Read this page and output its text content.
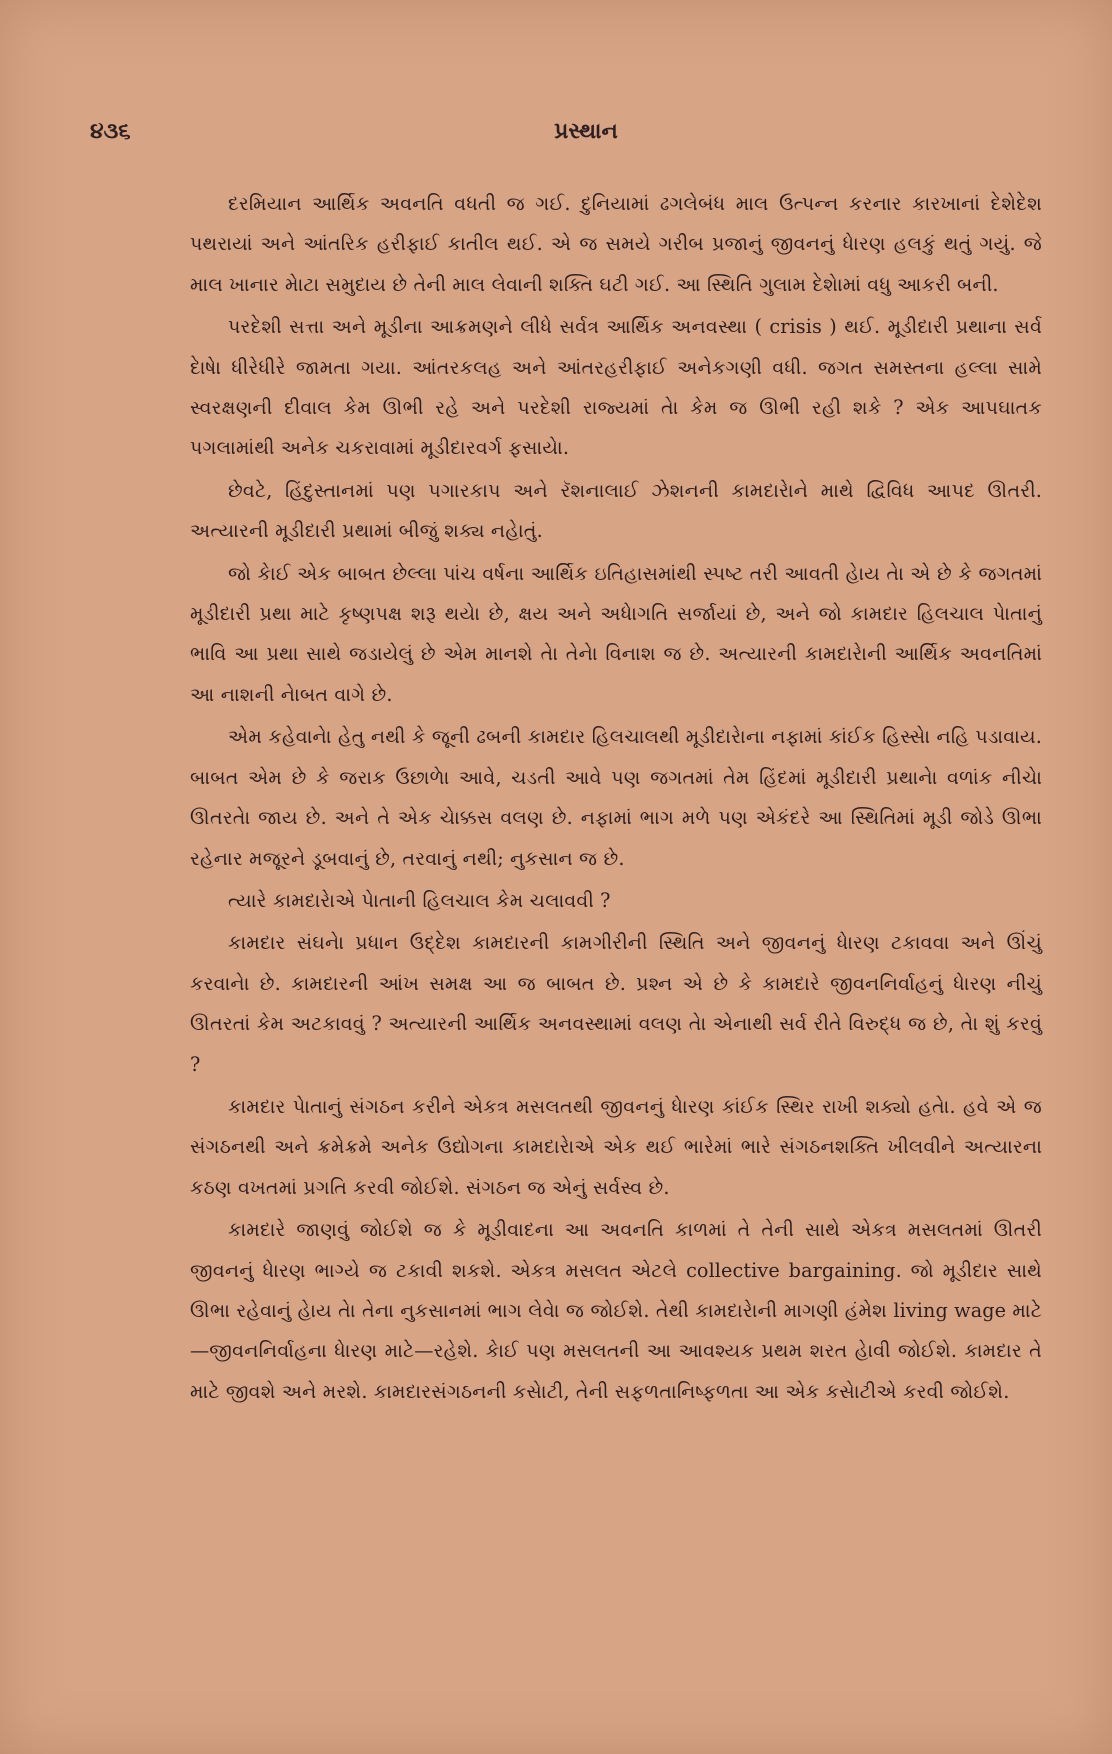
૪૩૬	પ્રસ્થાન

દરમિયાન આર્થિક અવનતિ વધતી જ ગઈ. દુનિયામાં ઢગલેબંધ માલ ઉત્પન્ન કરનાર કારખાનાં દેશેદેશ પથરાયાં અને આંતરિક હરીફાઈ કાતીલ થઈ. એ જ સમયે ગરીબ પ્રજાનું જીવનનું ધેારણ હલકું થતું ગયું. જે માલ ખાનાર મેાટા સમુદાય છે તેની માલ લેવાની શક્તિ ઘટી ગઈ. આ સ્થિતિ ગુલામ દેશેામાં વધુ આકરી બની.

પરદેશી સત્તા અને મૂડીના આક્રમણને લીધે સર્વત્ર આર્થિક અનવસ્થા ( crisis ) થઈ. મૂડીદારી પ્રથાના સર્વ દેાષેા ધીરેધીરે જામતા ગયા. આંતરકલહ અને આંતરહરીફાઈ અનેકગણી વધી. જગત સમસ્તના હલ્લા સામે સ્વરક્ષણની દીવાલ કેમ ઊભી રહે અને પરદેશી રાજ્યમાં તેા કેમ જ ઊભી રહી શકે ? એક આપઘાતક પગલામાંથી અનેક ચકરાવામાં મૂડીદારવર્ગ ફસાયેા.

છેવટે, હિંદુસ્તાનમાં પણ પગારકાપ અને રૅશનાલાઈ ઝેશનની કામદારેાને માથે દ્વિવિધ આપદ ઊતરી. અત્યારની મૂડીદારી પ્રથામાં બીજું શક્ય નહેાતું.

જો કેાઈ એક બાબત છેલ્લા પાંચ વર્ષના આર્થિક ઇતિહાસમાંથી સ્પષ્ટ તરી આવતી હેાય તેા એ છે કે જગતમાં મૂડીદારી પ્રથા માટે કૃષ્ણપક્ષ શરૂ થયેા છે, ક્ષય અને અધેાગતિ સર્જાયાં છે, અને જો કામદાર હિલચાલ પેાતાનું ભાવિ આ પ્રથા સાથે જડાયેલું છે એમ માનશે તેા તેનેા વિનાશ જ છે. અત્યારની કામદારેાની આર્થિક અવનતિમાં આ નાશની નેાબત વાગે છે.

એમ કહેવાનેા હેતુ નથી કે જૂની ઢબની કામદાર હિલચાલથી મૂડીદારેાના નફામાં કાંઈક હિસ્સેા નહિ પડાવાય. બાબત એમ છે કે જરાક ઉછાળેા આવે, ચડતી આવે પણ જગતમાં તેમ હિંદમાં મૂડીદારી પ્રથાનેા વળાંક નીચેા ઊતરતેા જાય છે. અને તે એક ચેાક્કસ વલણ છે. નફામાં ભાગ મળે પણ એકંદરે આ સ્થિતિમાં મૂડી જોડે ઊભા રહેનાર મજૂરને ડૂબવાનું છે, તરવાનું નથી; નુકસાન જ છે.

ત્યારે કામદારેાએ પેાતાની હિલચાલ કેમ ચલાવવી ?

કામદાર સંઘનેા પ્રધાન ઉદ્દેશ કામદારની કામગીરીની સ્થિતિ અને જીવનનું ધેારણ ટકાવવા અને ઊંચું કરવાનેા છે. કામદારની આંખ સમક્ષ આ જ બાબત છે. પ્રશ્ન એ છે કે કામદારે જીવનનિર્વાહનું ધેારણ નીચું ઊતરતાં કેમ અટકાવવું ? અત્યારની આર્થિક અનવસ્થામાં વલણ તેા એનાથી સર્વ રીતે વિરુદ્ધ જ છે, તેા શું કરવું ?

કામદાર પેાતાનું સંગઠન કરીને એકત્ર મસલતથી જીવનનું ધેારણ કાંઈક સ્થિર રાખી શક્યો હતેા. હવે એ જ સંગઠનથી અને ક્રમેક્રમે અનેક ઉદ્યોગના કામદારેાએ એક થઈ ભારેમાં ભારે સંગઠનશક્તિ ખીલવીને અત્યારના કઠણ વખતમાં પ્રગતિ કરવી જોઈશે. સંગઠન જ એનું સર્વસ્વ છે.

કામદારે જાણવું જોઈશે જ કે મૂડીવાદના આ અવનતિ કાળમાં તે તેની સાથે એકત્ર મસલતમાં ઊતરી જીવનનું ધેારણ ભાગ્યે જ ટકાવી શકશે. એકત્ર મસલત એટલે collective bargaining. જો મૂડીદાર સાથે ઊભા રહેવાનું હેાય તેા તેના નુકસાનમાં ભાગ લેવેા જ જોઈશે. તેથી કામદારેાની માગણી હંમેશ living wage માટે—જીવનનિર્વાહના ધેારણ માટે—રહેશે. કેાઈ પણ મસલતની આ આવશ્યક પ્રથમ શરત હેાવી જોઈશે. કામદાર તે માટે જીવશે અને મરશે. કામદારસંગઠનની કસેાટી, તેની સફળતાનિષ્ફળતા આ એક કસેાટીએ કરવી જોઈશે.
